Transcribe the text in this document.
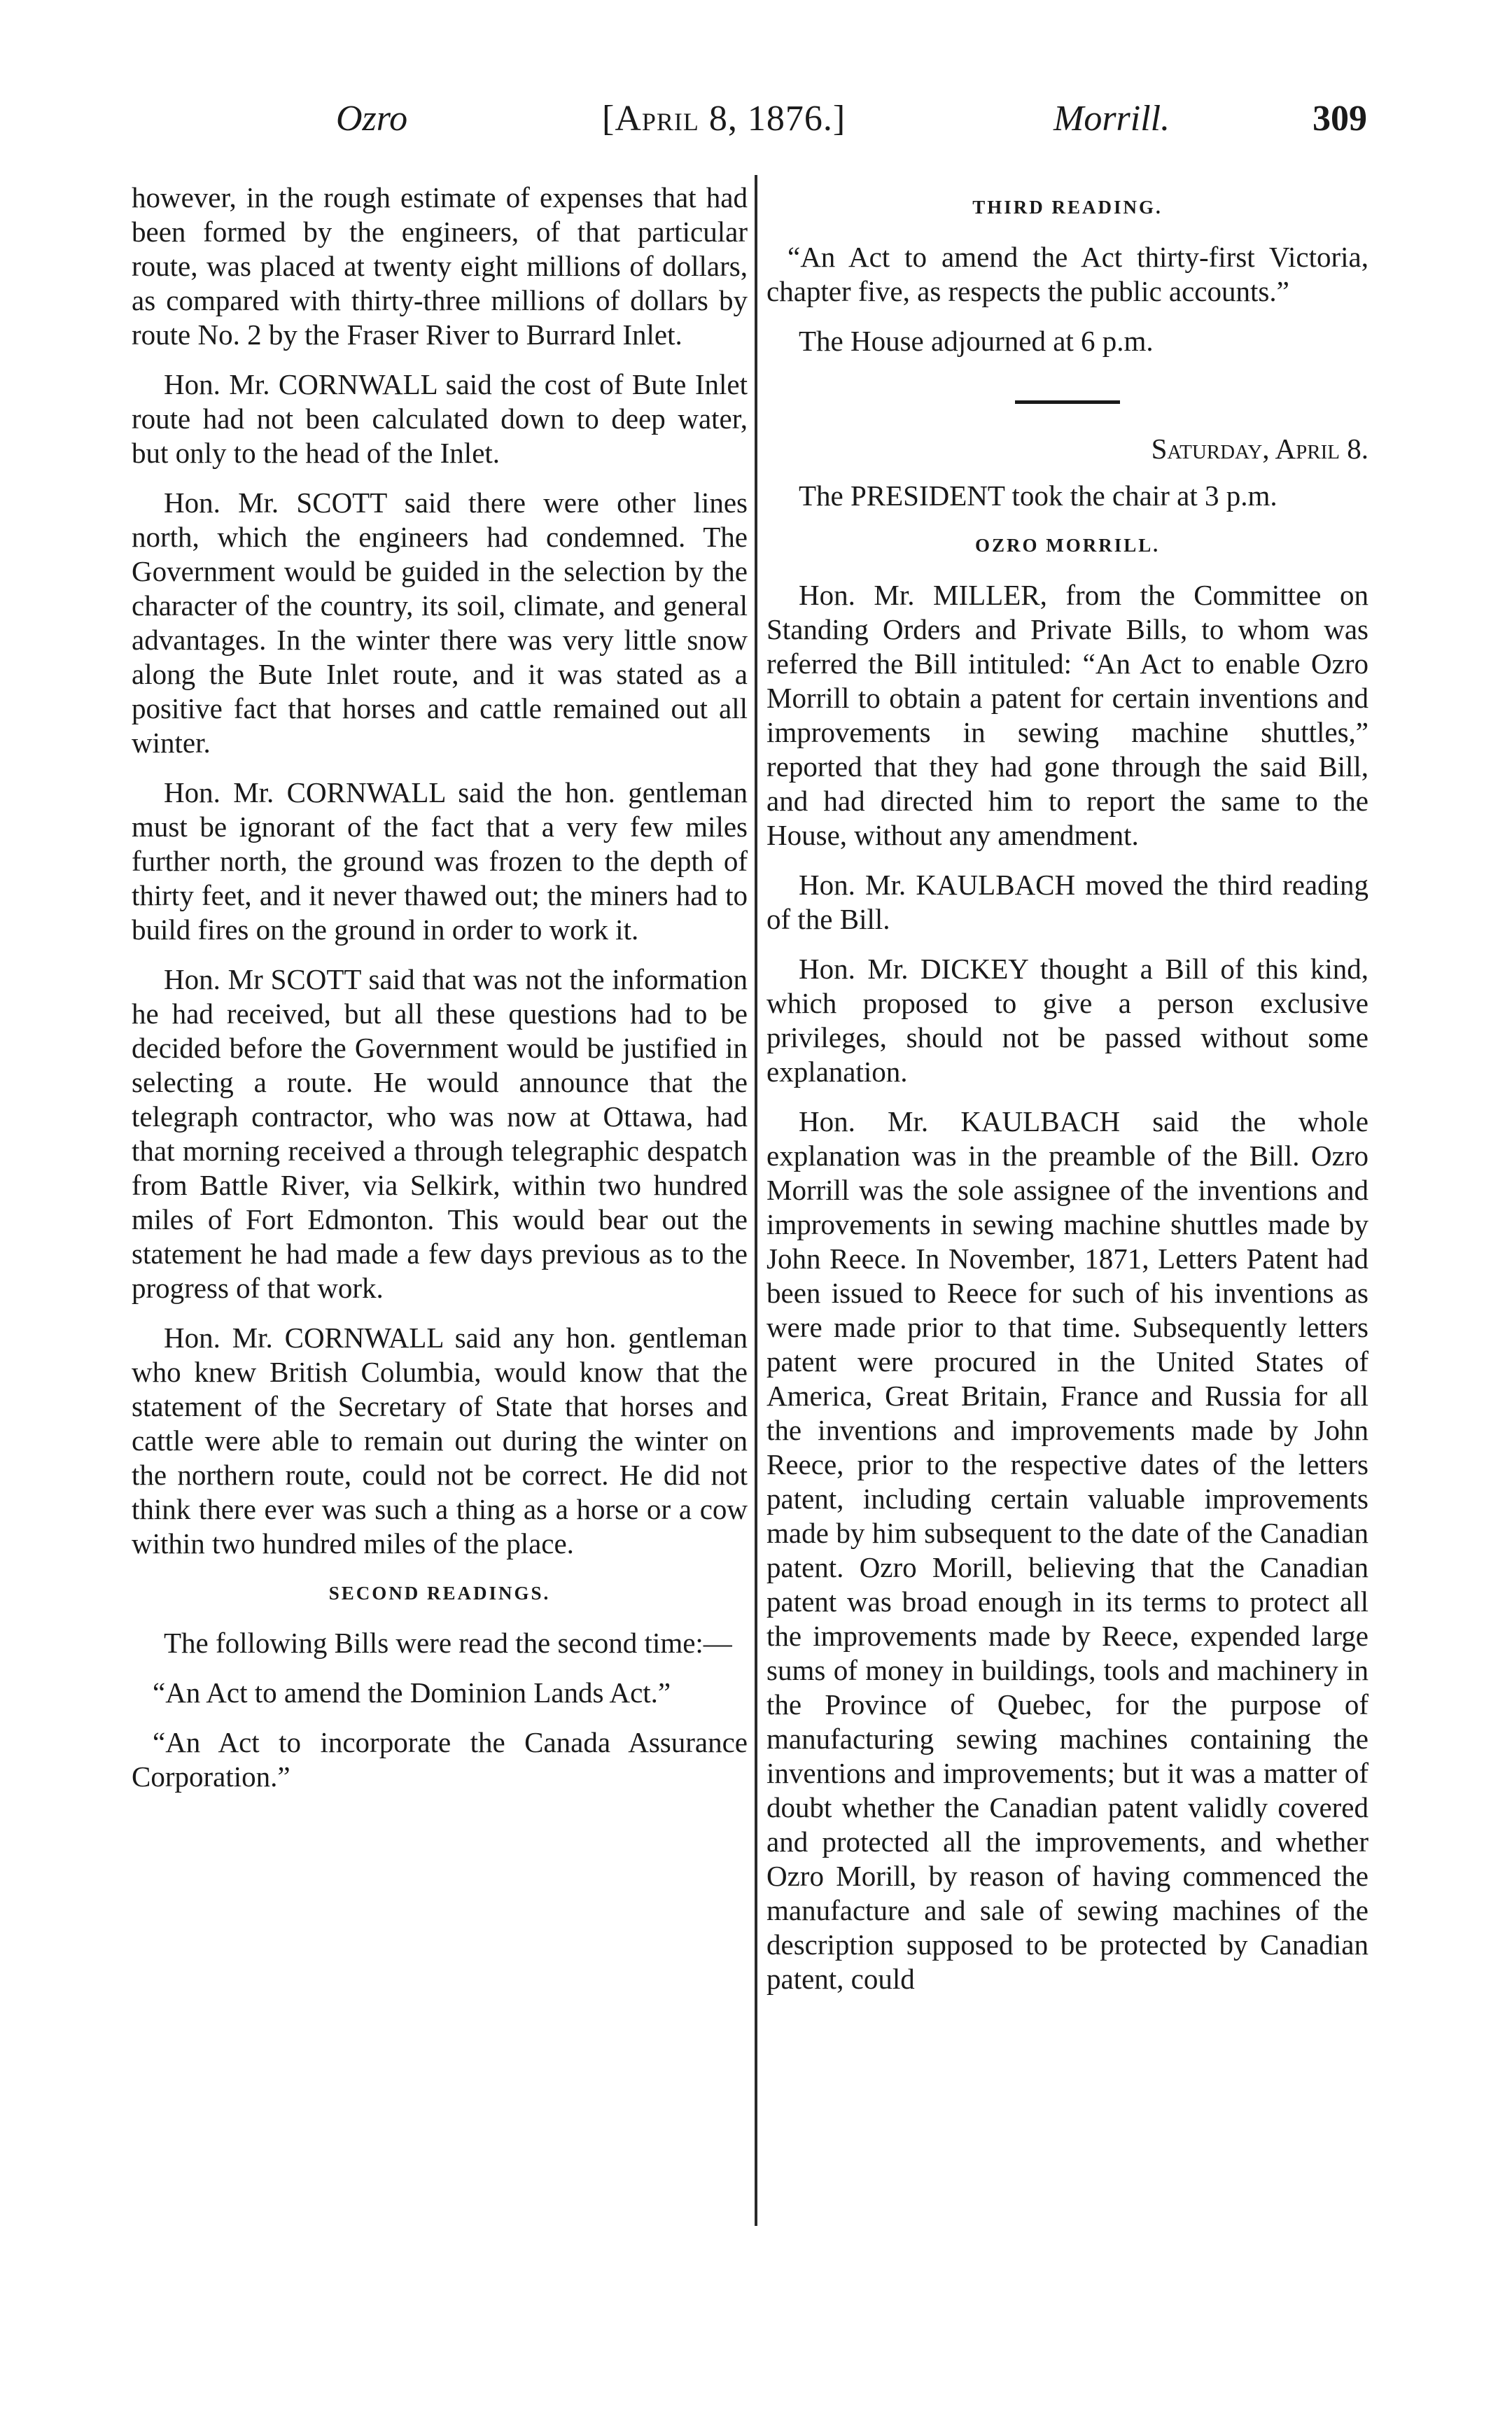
Ozro	[April 8, 1876.]	Morrill.	309

however, in the rough estimate of expenses that had been formed by the engineers, of that particular route, was placed at twenty eight millions of dollars, as compared with thirty-three millions of dollars by route No. 2 by the Fraser River to Burrard Inlet.

Hon. Mr. CORNWALL said the cost of Bute Inlet route had not been calculated down to deep water, but only to the head of the Inlet.

Hon. Mr. SCOTT said there were other lines north, which the engineers had condemned. The Government would be guided in the selection by the character of the country, its soil, climate, and general advantages. In the winter there was very little snow along the Bute Inlet route, and it was stated as a positive fact that horses and cattle remained out all winter.

Hon. Mr. CORNWALL said the hon. gentleman must be ignorant of the fact that a very few miles further north, the ground was frozen to the depth of thirty feet, and it never thawed out; the miners had to build fires on the ground in order to work it.

Hon. Mr SCOTT said that was not the information he had received, but all these questions had to be decided before the Government would be justified in selecting a route. He would announce that the telegraph contractor, who was now at Ottawa, had that morning received a through telegraphic despatch from Battle River, via Selkirk, within two hundred miles of Fort Edmonton. This would bear out the statement he had made a few days previous as to the progress of that work.

Hon. Mr. CORNWALL said any hon. gentleman who knew British Columbia, would know that the statement of the Secretary of State that horses and cattle were able to remain out during the winter on the northern route, could not be correct. He did not think there ever was such a thing as a horse or a cow within two hundred miles of the place.

SECOND READINGS.

The following Bills were read the second time:—

“An Act to amend the Dominion Lands Act.”

“An Act to incorporate the Canada Assurance Corporation.”

THIRD READING.

“An Act to amend the Act thirty-first Victoria, chapter five, as respects the public accounts.”

The House adjourned at 6 p.m.

Saturday, April 8.

The PRESIDENT took the chair at 3 p.m.

OZRO MORRILL.

Hon. Mr. MILLER, from the Committee on Standing Orders and Private Bills, to whom was referred the Bill intituled: “An Act to enable Ozro Morrill to obtain a patent for certain inventions and improvements in sewing machine shuttles,” reported that they had gone through the said Bill, and had directed him to report the same to the House, without any amendment.

Hon. Mr. KAULBACH moved the third reading of the Bill.

Hon. Mr. DICKEY thought a Bill of this kind, which proposed to give a person exclusive privileges, should not be passed without some explanation.

Hon. Mr. KAULBACH said the whole explanation was in the preamble of the Bill. Ozro Morrill was the sole assignee of the inventions and improvements in sewing machine shuttles made by John Reece. In November, 1871, Letters Patent had been issued to Reece for such of his inventions as were made prior to that time. Subsequently letters patent were procured in the United States of America, Great Britain, France and Russia for all the inventions and improvements made by John Reece, prior to the respective dates of the letters patent, including certain valuable improvements made by him subsequent to the date of the Canadian patent. Ozro Morill, believing that the Canadian patent was broad enough in its terms to protect all the improvements made by Reece, expended large sums of money in buildings, tools and machinery in the Province of Quebec, for the purpose of manufacturing sewing machines containing the inventions and improvements; but it was a matter of doubt whether the Canadian patent validly covered and protected all the improvements, and whether Ozro Morill, by reason of having commenced the manufacture and sale of sewing machines of the description supposed to be protected by Canadian patent, could
